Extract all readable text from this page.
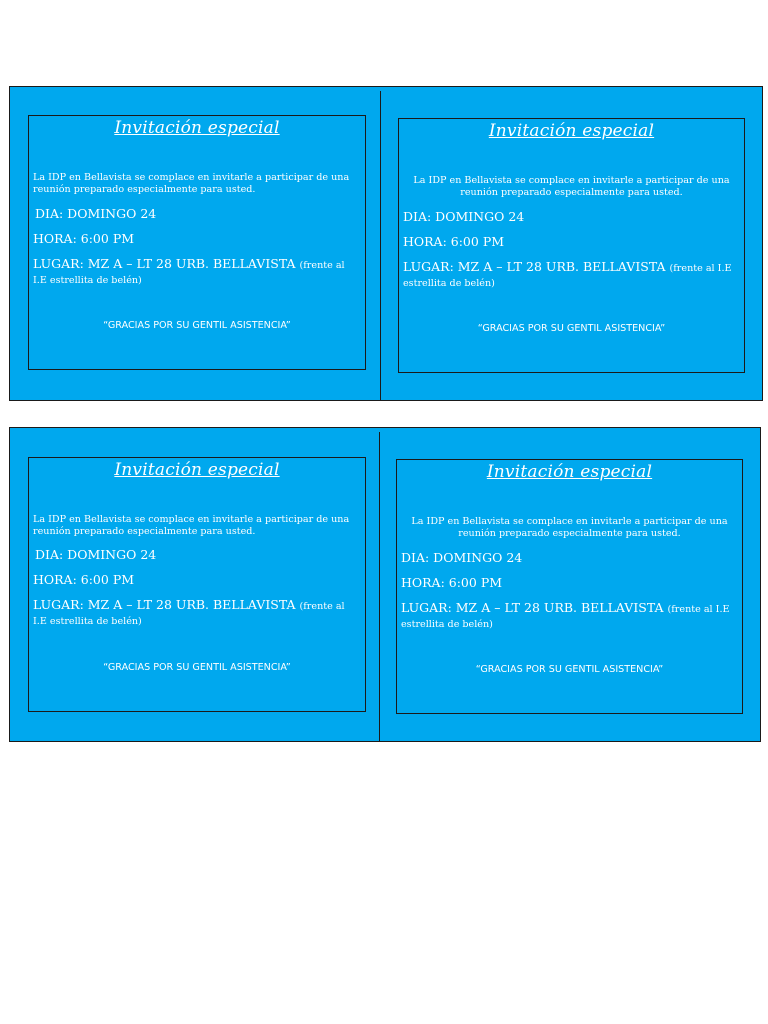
Invitación especial
La IDP en Bellavista se complace en invitarle a participar de una reunión preparado especialmente para usted.
DIA: DOMINGO 24
HORA: 6:00 PM
LUGAR: MZ A – LT 28 URB. BELLAVISTA (frente al I.E estrellita de belén)
“GRACIAS POR SU GENTIL ASISTENCIA”
Invitación especial
La IDP en Bellavista se complace en invitarle a participar de una reunión preparado especialmente para usted.
DIA: DOMINGO 24
HORA: 6:00 PM
LUGAR: MZ A – LT 28 URB. BELLAVISTA (frente al I.E estrellita de belén)
“GRACIAS POR SU GENTIL ASISTENCIA”
Invitación especial
La IDP en Bellavista se complace en invitarle a participar de una reunión preparado especialmente para usted.
DIA: DOMINGO 24
HORA: 6:00 PM
LUGAR: MZ A – LT 28 URB. BELLAVISTA (frente al I.E estrellita de belén)
“GRACIAS POR SU GENTIL ASISTENCIA”
Invitación especial
La IDP en Bellavista se complace en invitarle a participar de una reunión preparado especialmente para usted.
DIA: DOMINGO 24
HORA: 6:00 PM
LUGAR: MZ A – LT 28 URB. BELLAVISTA (frente al I.E estrellita de belén)
“GRACIAS POR SU GENTIL ASISTENCIA”
